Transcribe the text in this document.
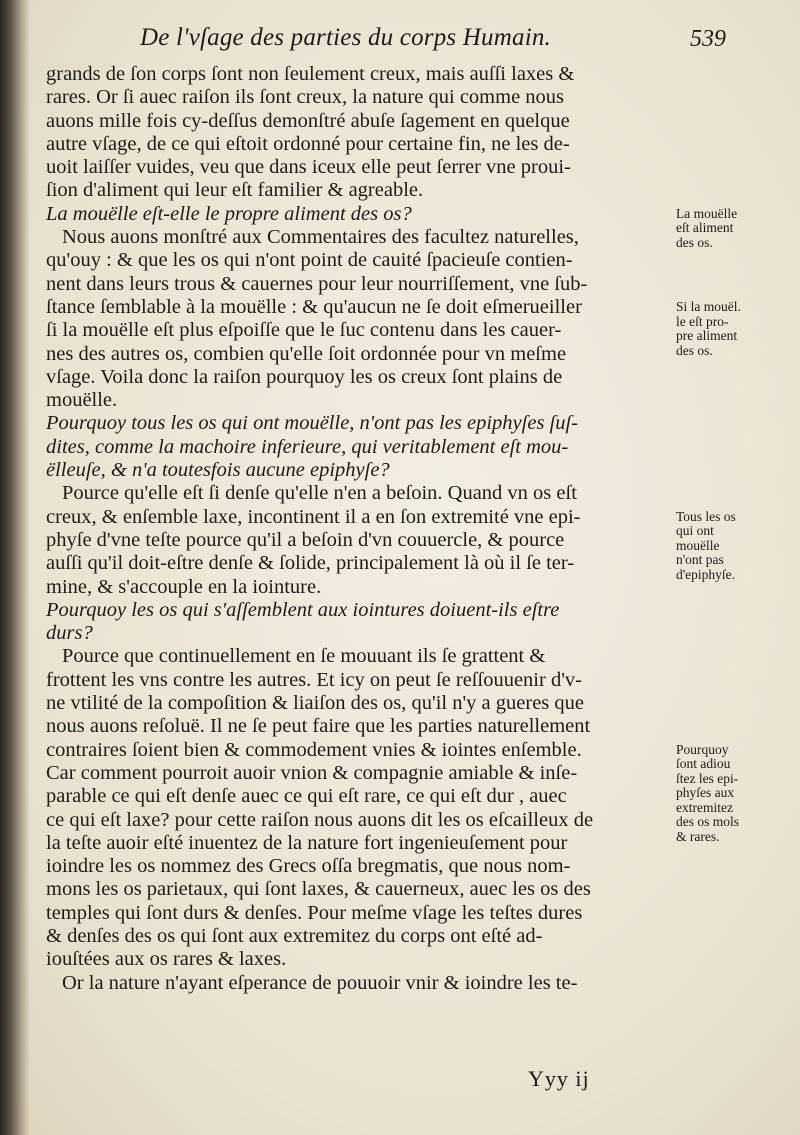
De l'vſage des parties du corps Humain.	539
grands de ſon corps ſont non ſeulement creux, mais auſſi laxes &
rares. Or ſi auec raiſon ils ſont creux, la nature qui comme nous
auons mille fois cy-deſſus demonſtré abuſe ſagement en quelque
autre vſage, de ce qui eſtoit ordonné pour certaine fin, ne les de-
uoit laiſſer vuides, veu que dans iceux elle peut ſerrer vne proui-
ſion d'aliment qui leur eſt familier & agreable.
La mouëlle eſt-elle le propre aliment des os?
Nous auons monſtré aux Commentaires des facultez naturelles,
qu'ouy : & que les os qui n'ont point de cauité ſpacieuſe contien-
nent dans leurs trous & cauernes pour leur nourriſſement, vne ſub-
ſtance ſemblable à la mouëlle : & qu'aucun ne ſe doit eſmerueiller
ſi la mouëlle eſt plus eſpoiſſe que le ſuc contenu dans les cauer-
nes des autres os, combien qu'elle ſoit ordonnée pour vn meſme
vſage. Voila donc la raiſon pourquoy les os creux ſont plains de
mouëlle.
Pourquoy tous les os qui ont mouëlle, n'ont pas les epiphyſes ſuſ-
dites, comme la machoire inferieure, qui veritablement eſt mou-
ëlleuſe, & n'a toutesfois aucune epiphyſe?
Pource qu'elle eſt ſi denſe qu'elle n'en a beſoin. Quand vn os eſt
creux, & enſemble laxe, incontinent il a en ſon extremité vne epi-
phyſe d'vne teſte pource qu'il a beſoin d'vn couuercle, & pource
auſſi qu'il doit-eſtre denſe & ſolide, principalement là où il ſe ter-
mine, & s'accouple en la iointure.
Pourquoy les os qui s'aſſemblent aux iointures doiuent-ils eſtre
durs?
Pource que continuellement en ſe mouuant ils ſe grattent &
frottent les vns contre les autres. Et icy on peut ſe reſſouuenir d'v-
ne vtilité de la compoſition & liaiſon des os, qu'il n'y a gueres que
nous auons reſoluë. Il ne ſe peut faire que les parties naturellement
contraires ſoient bien & commodement vnies & iointes enſemble.
Car comment pourroit auoir vnion & compagnie amiable & inſe-
parable ce qui eſt denſe auec ce qui eſt rare, ce qui eſt dur , auec
ce qui eſt laxe? pour cette raiſon nous auons dit les os eſcailleux de
la teſte auoir eſté inuentez de la nature fort ingenieuſement pour
ioindre les os nommez des Grecs oſſa bregmatis, que nous nom-
mons les os parietaux, qui ſont laxes, & cauerneux, auec les os des
temples qui ſont durs & denſes. Pour meſme vſage les teſtes dures
& denſes des os qui ſont aux extremitez du corps ont eſté ad-
iouſtées aux os rares & laxes.
Or la nature n'ayant eſperance de pouuoir vnir & ioindre les te-
La mouëlle
eſt aliment
des os.
Si la mouël.
le eſt pro-
pre aliment
des os.
Tous les os
qui ont
mouëlle
n'ont pas
d'epiphyſe.
Pourquoy
ſont adiou
ſtez les epi-
phyſes aux
extremitez
des os mols
& rares.
Yyy ij
